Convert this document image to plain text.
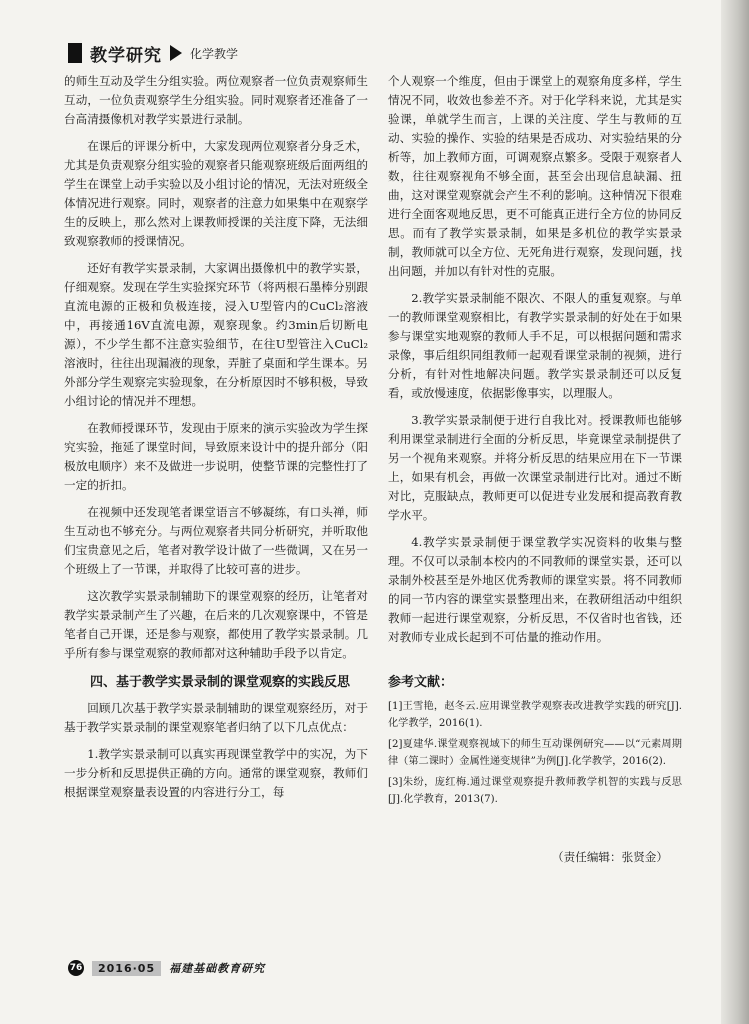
教学研究 化学教学

的师生互动及学生分组实验。两位观察者一位负责观察师生互动，一位负责观察学生分组实验。同时观察者还准备了一台高清摄像机对教学实景进行录制。

在课后的评课分析中，大家发现两位观察者分身乏术，尤其是负责观察分组实验的观察者只能观察班级后面两组的学生在课堂上动手实验以及小组讨论的情况，无法对班级全体情况进行观察。同时，观察者的注意力如果集中在观察学生的反映上，那么然对上课教师授课的关注度下降，无法细致观察教师的授课情况。

还好有教学实景录制，大家调出摄像机中的教学实景，仔细观察。发现在学生实验探究环节（将两根石墨棒分别跟直流电源的正极和负极连接，浸入U型管内的CuCl₂溶液中，再接通16V直流电源，观察现象。约3min后切断电源），不少学生都不注意实验细节，在往U型管注入CuCl₂溶液时，往往出现漏液的现象，弄脏了桌面和学生课本。另外部分学生观察完实验现象，在分析原因时不够积极，导致小组讨论的情况并不理想。

在教师授课环节，发现由于原来的演示实验改为学生探究实验，拖延了课堂时间，导致原来设计中的提升部分（阳极放电顺序）来不及做进一步说明，使整节课的完整性打了一定的折扣。

在视频中还发现笔者课堂语言不够凝练，有口头禅，师生互动也不够充分。与两位观察者共同分析研究，并听取他们宝贵意见之后，笔者对教学设计做了一些微调，又在另一个班级上了一节课，并取得了比较可喜的进步。

这次教学实景录制辅助下的课堂观察的经历，让笔者对教学实景录制产生了兴趣，在后来的几次观察课中，不管是笔者自己开课，还是参与观察，都使用了教学实景录制。几乎所有参与课堂观察的教师都对这种辅助手段予以肯定。

四、基于教学实景录制的课堂观察的实践反思

回顾几次基于教学实景录制辅助的课堂观察经历，对于基于教学实景录制的课堂观察笔者归纳了以下几点优点：

1.教学实景录制可以真实再现课堂教学中的实况，为下一步分析和反思提供正确的方向。通常的课堂观察，教师们根据课堂观察量表设置的内容进行分工，每

个人观察一个维度，但由于课堂上的观察角度多样，学生情况不同，收效也参差不齐。对于化学科来说，尤其是实验课，单就学生而言，上课的关注度、学生与教师的互动、实验的操作、实验的结果是否成功、对实验结果的分析等，加上教师方面，可调观察点繁多。受限于观察者人数，往往观察视角不够全面，甚至会出现信息缺漏、扭曲，这对课堂观察就会产生不利的影响。这种情况下很难进行全面客观地反思，更不可能真正进行全方位的协同反思。而有了教学实景录制，如果是多机位的教学实景录制，教师就可以全方位、无死角进行观察，发现问题，找出问题，并加以有针对性的克服。

2.教学实景录制能不限次、不限人的重复观察。与单一的教师课堂观察相比，有教学实景录制的好处在于如果参与课堂实地观察的教师人手不足，可以根据问题和需求录像，事后组织同组教师一起观看课堂录制的视频，进行分析，有针对性地解决问题。教学实景录制还可以反复看，或放慢速度，依据影像事实，以理服人。

3.教学实景录制便于进行自我比对。授课教师也能够利用课堂录制进行全面的分析反思，毕竟课堂录制提供了另一个视角来观察。并将分析反思的结果应用在下一节课上，如果有机会，再做一次课堂录制进行比对。通过不断对比，克服缺点，教师更可以促进专业发展和提高教育教学水平。

4.教学实景录制便于课堂教学实况资料的收集与整理。不仅可以录制本校内的不同教师的课堂实景，还可以录制外校甚至是外地区优秀教师的课堂实景。将不同教师的同一节内容的课堂实景整理出来，在教研组活动中组织教师一起进行课堂观察，分析反思，不仅省时也省钱，还对教师专业成长起到不可估量的推动作用。

参考文献：
[1]王雪艳，赵冬云.应用课堂教学观察表改进教学实践的研究[J].化学教学，2016(1).
[2]夏建华.课堂观察视域下的师生互动课例研究——以“元素周期律（第二课时）金属性递变规律”为例[J].化学教学，2016(2).
[3]朱纷，庞红梅.通过课堂观察提升教师教学机智的实践与反思[J].化学教育，2013(7).
（责任编辑：张贤金）
76	2016·05	福建基础教育研究
